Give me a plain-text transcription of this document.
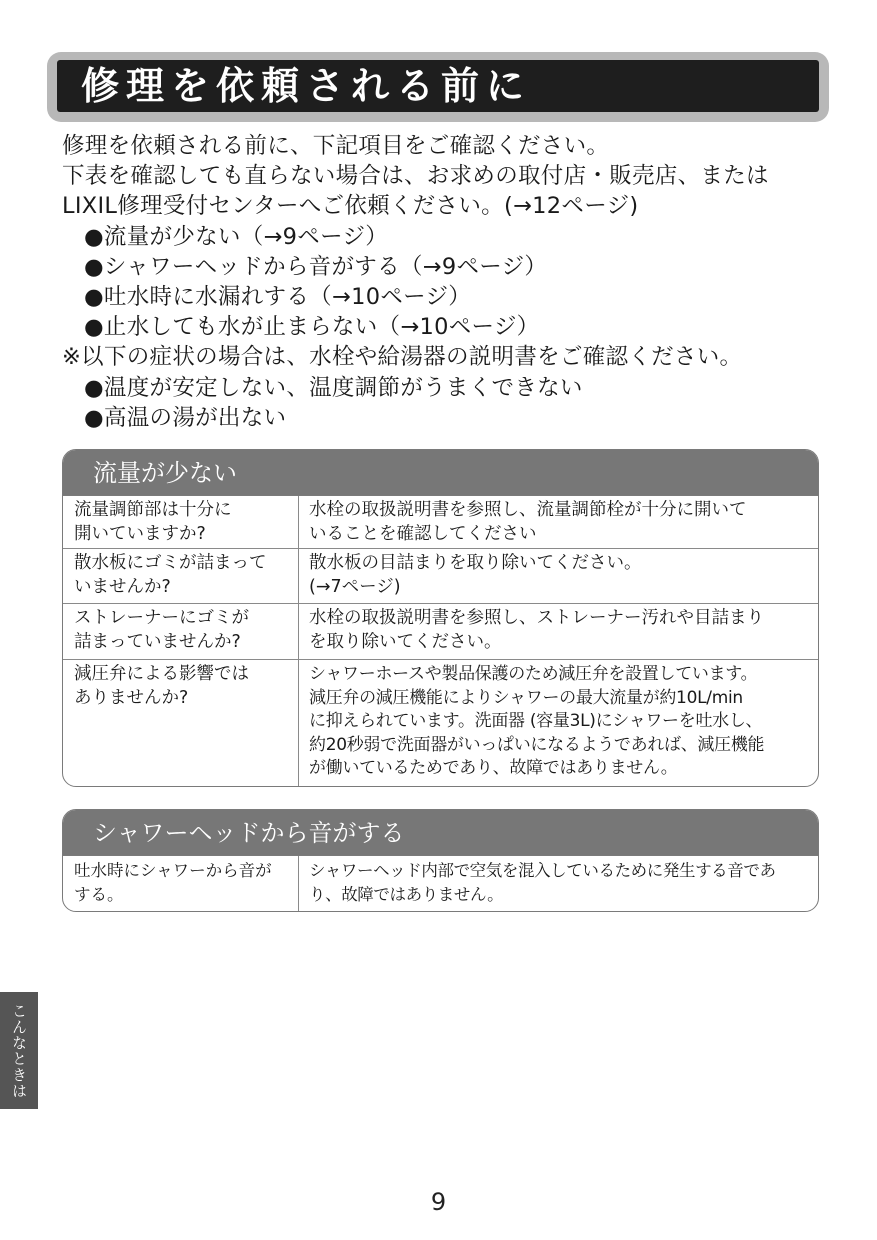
修理を依頼される前に
修理を依頼される前に、下記項目をご確認ください。
下表を確認しても直らない場合は、お求めの取付店・販売店、または
LIXIL修理受付センターへご依頼ください。(→12ページ)
●流量が少ない（→9ページ）
●シャワーヘッドから音がする（→9ページ）
●吐水時に水漏れする（→10ページ）
●止水しても水が止まらない（→10ページ）
※以下の症状の場合は、水栓や給湯器の説明書をご確認ください。
●温度が安定しない、温度調節がうまくできない
●高温の湯が出ない
流量が少ない
流量調節部は十分に
開いていますか?
水栓の取扱説明書を参照し、流量調節栓が十分に開いて
いることを確認してください
散水板にゴミが詰まって
いませんか?
散水板の目詰まりを取り除いてください。
(→7ページ)
ストレーナーにゴミが
詰まっていませんか?
水栓の取扱説明書を参照し、ストレーナー汚れや目詰まり
を取り除いてください。
減圧弁による影響では
ありませんか?
シャワーホースや製品保護のため減圧弁を設置しています。
減圧弁の減圧機能によりシャワーの最大流量が約10L/min
に抑えられています。洗面器 (容量3L)にシャワーを吐水し、
約20秒弱で洗面器がいっぱいになるようであれば、減圧機能
が働いているためであり、故障ではありません。
シャワーヘッドから音がする
吐水時にシャワーから音が
する。
シャワーヘッド内部で空気を混入しているために発生する音であ
り、故障ではありません。
こんなときは
9
